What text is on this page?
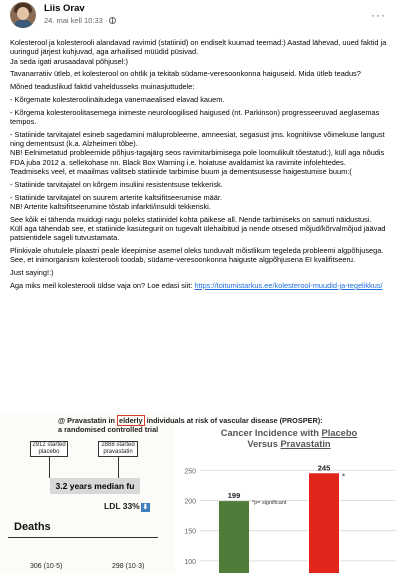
Liis Orav
24. mai kell 10:33 ·	···

Kolesterool ja kolesterooli alandavad ravimid (statiinid) on endiselt kuumad teemad:) Aastad lähevad, uued faktid ja uuringud järjest kuhjuvad, aga arhailised müüdid püsivad.
Ja seda igati arusaadaval põhjusel:)

Tavanarratiiv ütleb, et kolesterool on ohtlik ja tekitab südame-veresoonkonna haiguseid. Mida ütleb teadus?

Mõned teaduslikud faktid vaheldusseks muinasjuttudele:

- Kõrgemate kolesteroolinäitudega vanemaealised elavad kauem.

- Kõrgema kolesteroolitasemega inimeste neuroloogilised haigused (nt. Parkinson) progresseeruvad aeglasemas tempos.

- Statiinide tarvitajatel esineb sagedamini mäluprobleeme, amneesiat, segasust jms. kognitiivse võimekuse langust ning dementsust (k.a. Alzheimeri tõbe).
NB! Eelnimetatud probleemide põhjus-tagajärg seos ravimitarbimisega pole loomulikult tõestatud:), küll aga nõudis FDA juba 2012 a. sellekohase nn. Black Box Warning i.e. hoiatuse avaldamist ka ravimite infolehtedes.
Teadmiseks veel, et maailmas valitseb statiinide tarbimise buum ja dementsusesse haigestumise buum:(

- Statiinide tarvitajatel on kõrgem insuliini resistentsuse tekkerisk.

- Statiinide tarvitajatel on suurem arterite kaltsifitseerumise määr.
NB! Arterite kaltsifitseerumine tõstab infarkti/insuldi tekkeriski.

See kõik ei tähenda muidugi nagu poleks statiinidel kohta päikese all. Nende tarbimiseks on samuti näidustusi.
Küll aga tähendab see, et statiinide kasutegurit on tugevalt ülehaibitud ja nende otsesed mõjud/kõrvalmõjud jäävad patsientidele sageli tutvustamata.

Plinkivale ohutulele plaastri peale kleepimise asemel oleks tunduvalt mõistlikum tegeleda probleemi algpõhjusega. See, et inimorganism kolesterooli toodab, südame-veresoonkonna haiguste algpõhjusena EI kvalifitseeru.

Just saying!:)

Aga miks meil kolesterooli üldse vaja on? Loe edasi siit: https://toitumistarkus.ee/kolesterool-muudid-ja-tegelikkus/

@ Pravastatin in elderly individuals at risk of vascular disease (PROSPER): a randomised controlled trial
2912 started placebo
2888 started pravastatin
3.2 years median fu
LDL 33% ⬇
Deaths
306 (10·5)	298 (10·3)
Cancer Incidence with Placebo
Versus Pravastatin
250
200
150
100
199
245
*p= significant
*
